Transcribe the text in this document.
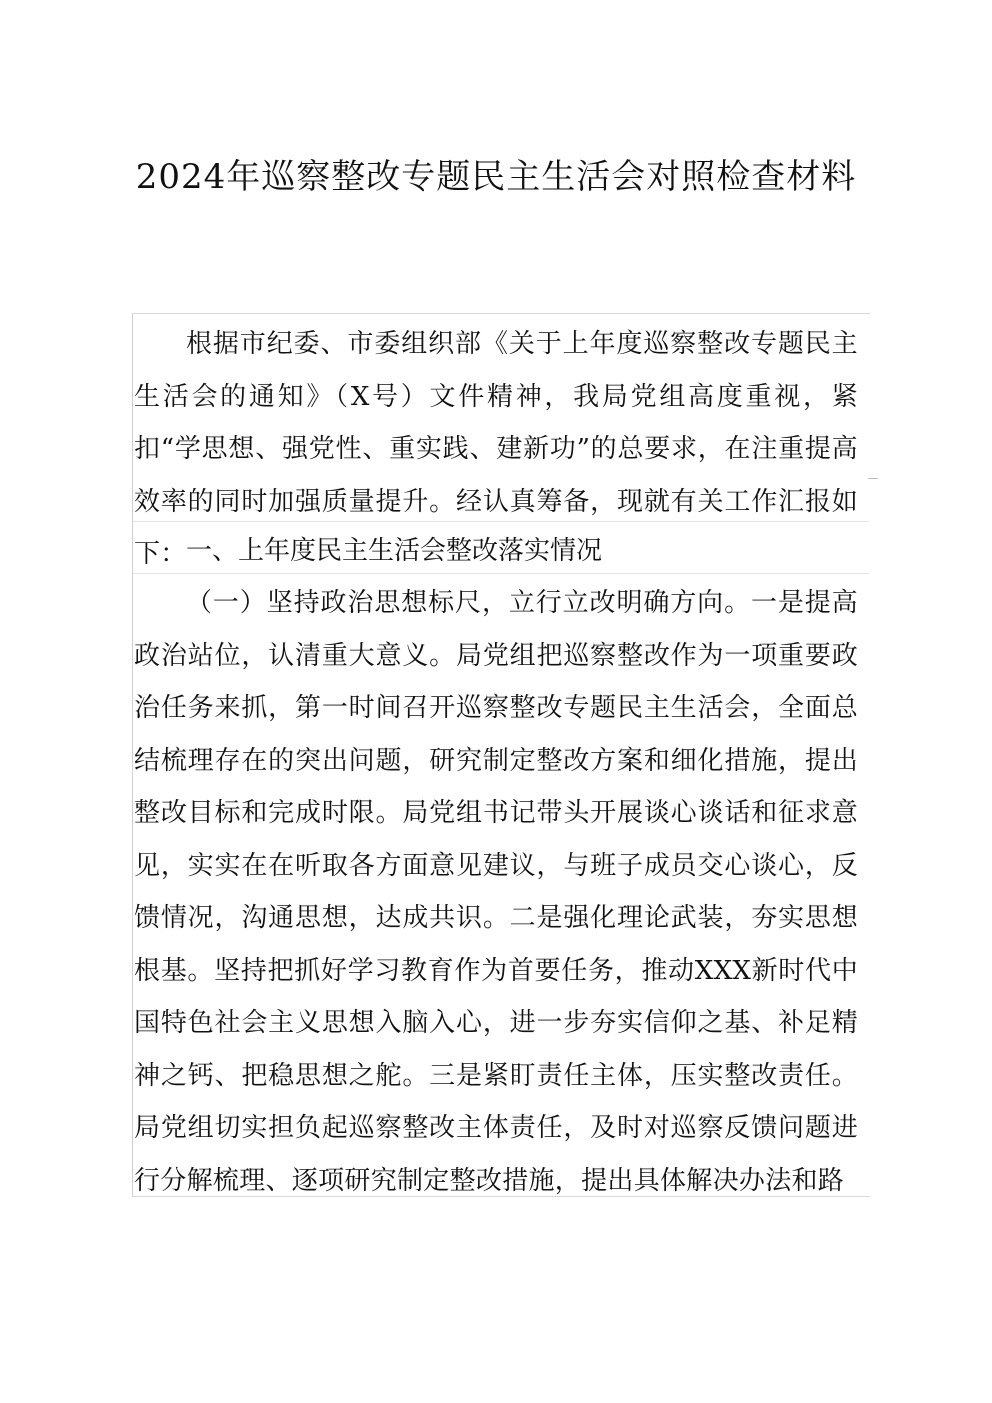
2024年巡察整改专题民主生活会对照检查材料

根据市纪委、市委组织部《关于上年度巡察整改专题民主生活会的通知》（X号）文件精神，我局党组高度重视，紧扣“学思想、强党性、重实践、建新功”的总要求，在注重提高效率的同时加强质量提升。经认真筹备，现就有关工作汇报如下： 一、上年度民主生活会整改落实情况

（一）坚持政治思想标尺，立行立改明确方向。一是提高政治站位，认清重大意义。局党组把巡察整改作为一项重要政治任务来抓，第一时间召开巡察整改专题民主生活会，全面总结梳理存在的突出问题，研究制定整改方案和细化措施，提出整改目标和完成时限。局党组书记带头开展谈心谈话和征求意见，实实在在听取各方面意见建议，与班子成员交心谈心，反馈情况，沟通思想，达成共识。二是强化理论武装，夯实思想根基。坚持把抓好学习教育作为首要任务，推动XXX新时代中国特色社会主义思想入脑入心，进一步夯实信仰之基、补足精神之钙、把稳思想之舵。三是紧盯责任主体，压实整改责任。局党组切实担负起巡察整改主体责任，及时对巡察反馈问题进行分解梳理、逐项研究制定整改措施，提出具体解决办法和路
